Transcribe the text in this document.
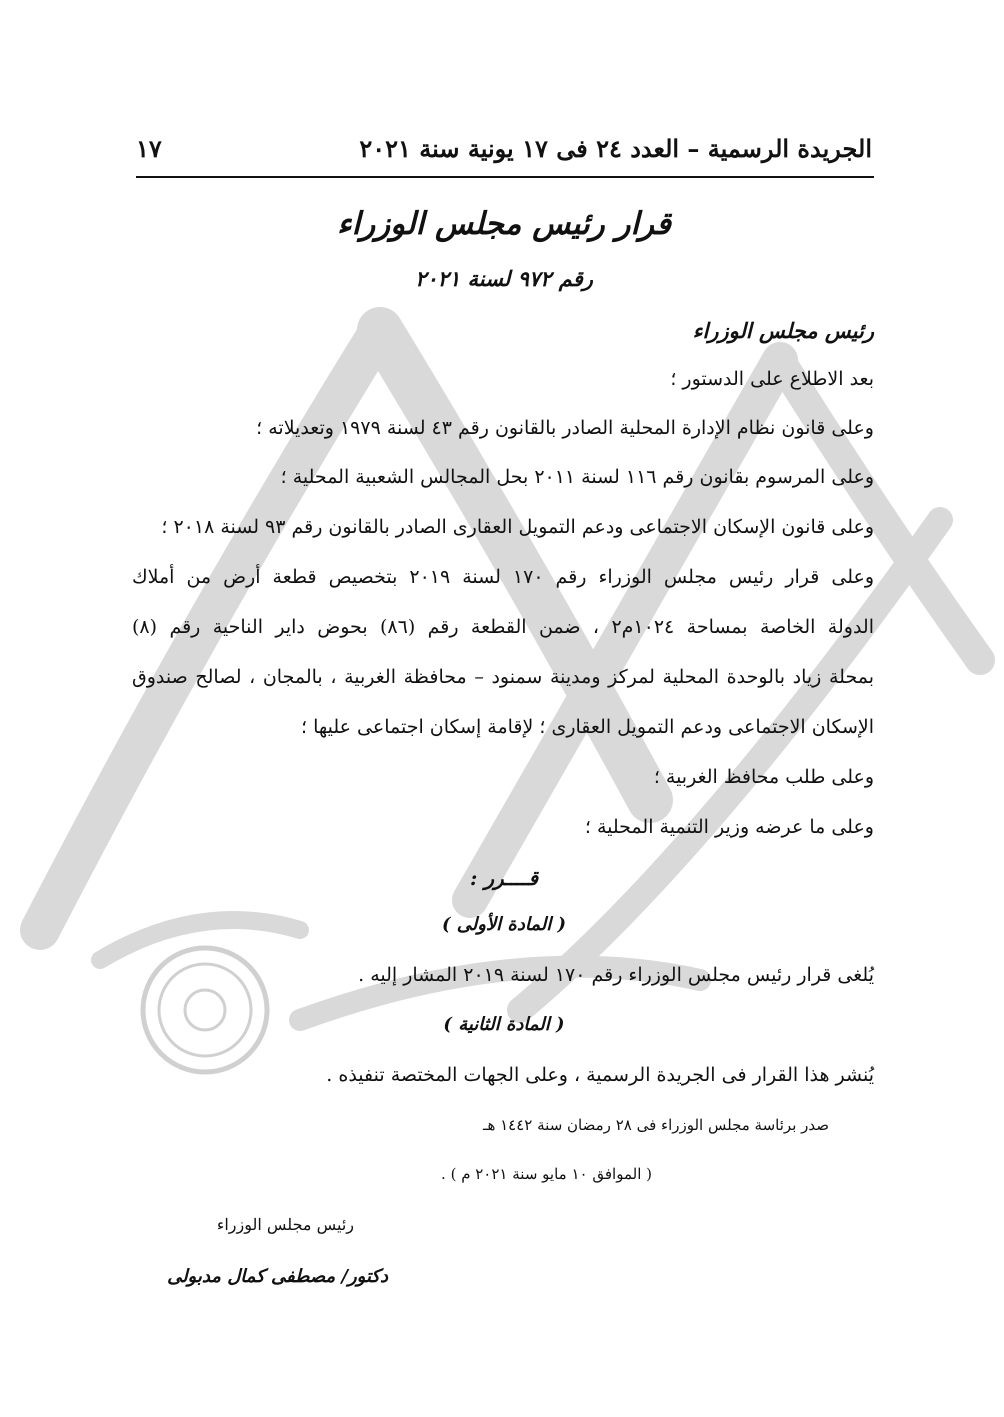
الجريدة الرسمية – العدد ٢٤ فى ١٧ يونية سنة ٢٠٢١
١٧
قرار رئيس مجلس الوزراء
رقم ٩٧٢ لسنة ٢٠٢١
رئيس مجلس الوزراء
بعد الاطلاع على الدستور ؛
وعلى قانون نظام الإدارة المحلية الصادر بالقانون رقم ٤٣ لسنة ١٩٧٩ وتعديلاته ؛
وعلى المرسوم بقانون رقم ١١٦ لسنة ٢٠١١ بحل المجالس الشعبية المحلية ؛
وعلى قانون الإسكان الاجتماعى ودعم التمويل العقارى الصادر بالقانون رقم ٩٣ لسنة ٢٠١٨ ؛
وعلى قرار رئيس مجلس الوزراء رقم ١٧٠ لسنة ٢٠١٩ بتخصيص قطعة أرض من أملاك
الدولة الخاصة بمساحة ١٠٢٤م٢ ، ضمن القطعة رقم (٨٦) بحوض داير الناحية رقم (٨)
بمحلة زياد بالوحدة المحلية لمركز ومدينة سمنود – محافظة الغربية ، بالمجان ، لصالح صندوق
الإسكان الاجتماعى ودعم التمويل العقارى ؛ لإقامة إسكان اجتماعى عليها ؛
وعلى طلب محافظ الغربية ؛
وعلى ما عرضه وزير التنمية المحلية ؛
قــــرر :
( المادة الأولى )
يُلغى قرار رئيس مجلس الوزراء رقم ١٧٠ لسنة ٢٠١٩ المشار إليه .
( المادة الثانية )
يُنشر هذا القرار فى الجريدة الرسمية ، وعلى الجهات المختصة تنفيذه .
صدر برئاسة مجلس الوزراء فى ٢٨ رمضان سنة ١٤٤٢ هـ
( الموافق ١٠ مايو سنة ٢٠٢١ م ) .
رئيس مجلس الوزراء
دكتور/ مصطفى كمال مدبولى
